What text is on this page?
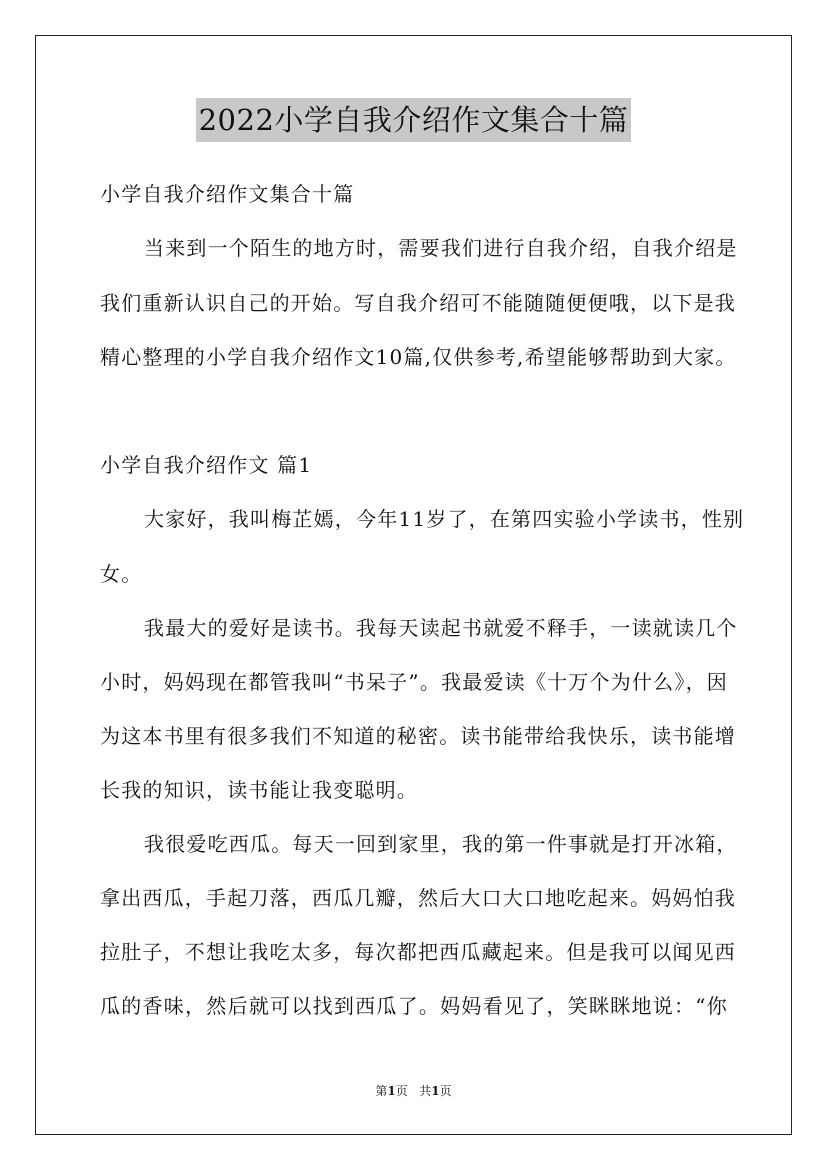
2022小学自我介绍作文集合十篇
小学自我介绍作文集合十篇
当来到一个陌生的地方时，需要我们进行自我介绍，自我介绍是
我们重新认识自己的开始。写自我介绍可不能随随便便哦，以下是我
精心整理的小学自我介绍作文10篇,仅供参考,希望能够帮助到大家。
小学自我介绍作文 篇1
大家好，我叫梅芷嫣，今年11岁了，在第四实验小学读书，性别
女。
我最大的爱好是读书。我每天读起书就爱不释手，一读就读几个
小时，妈妈现在都管我叫“书呆子”。我最爱读《十万个为什么》，因
为这本书里有很多我们不知道的秘密。读书能带给我快乐，读书能增
长我的知识，读书能让我变聪明。
我很爱吃西瓜。每天一回到家里，我的第一件事就是打开冰箱，
拿出西瓜，手起刀落，西瓜几瓣，然后大口大口地吃起来。妈妈怕我
拉肚子，不想让我吃太多，每次都把西瓜藏起来。但是我可以闻见西
瓜的香味，然后就可以找到西瓜了。妈妈看见了，笑眯眯地说：“你
第1页 共1页
